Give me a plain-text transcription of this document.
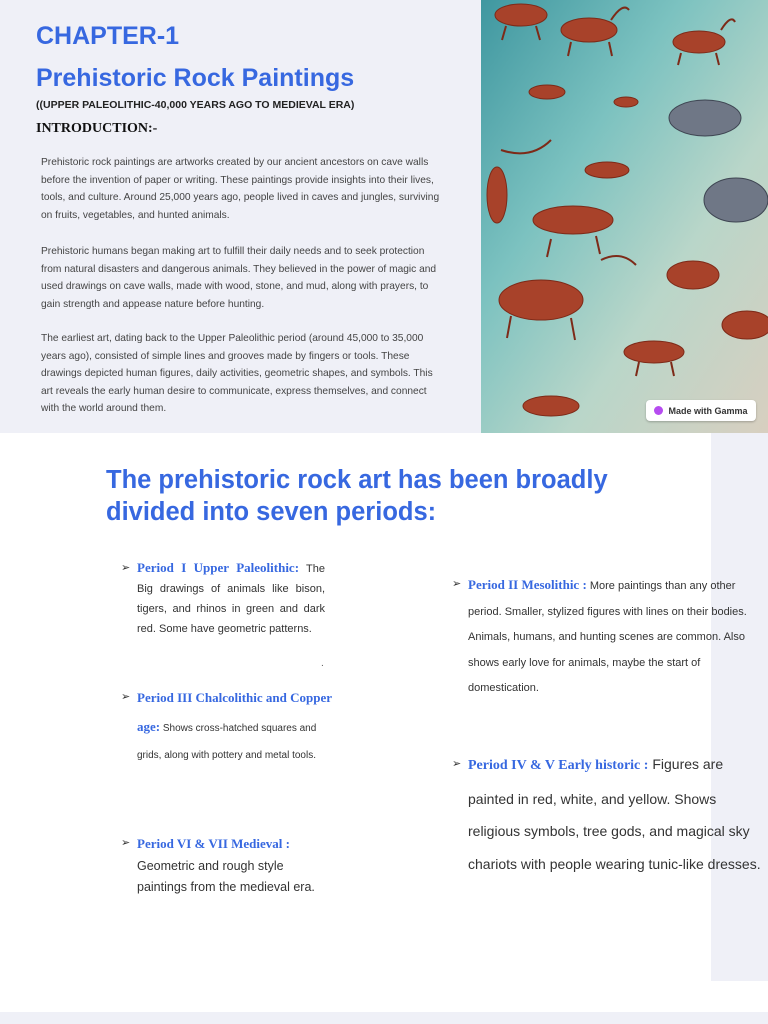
CHAPTER-1
Prehistoric Rock Paintings
((UPPER PALEOLITHIC-40,000 YEARS AGO TO MEDIEVAL ERA)
INTRODUCTION:-

Prehistoric rock paintings are artworks created by our ancient ancestors on cave walls before the invention of paper or writing. These paintings provide insights into their lives, tools, and culture. Around 25,000 years ago, people lived in caves and jungles, surviving on fruits, vegetables, and hunted animals.

Prehistoric humans began making art to fulfill their daily needs and to seek protection from natural disasters and dangerous animals. They believed in the power of magic and used drawings on cave walls, made with wood, stone, and mud, along with prayers, to gain strength and appease nature before hunting.

The earliest art, dating back to the Upper Paleolithic period (around 45,000 to 35,000 years ago), consisted of simple lines and grooves made by fingers or tools. These drawings depicted human figures, daily activities, geometric shapes, and symbols. This art reveals the early human desire to communicate, express themselves, and connect with the world around them.	Made with Gamma
The prehistoric rock art has been broadly divided into seven periods:
➢ Period I Upper Paleolithic: The Big drawings of animals like bison, tigers, and rhinos in green and dark red. Some have geometric patterns.
.
➢ Period II Mesolithic : More paintings than any other period. Smaller, stylized figures with lines on their bodies. Animals, humans, and hunting scenes are common. Also shows early love for animals, maybe the start of domestication.
➢ Period III Chalcolithic and Copper age: Shows cross-hatched squares and grids, along with pottery and metal tools.
➢ Period IV & V Early historic : Figures are painted in red, white, and yellow. Shows religious symbols, tree gods, and magical sky chariots with people wearing tunic-like dresses.
➢ Period VI & VII Medieval :
Geometric and rough style paintings from the medieval era.
